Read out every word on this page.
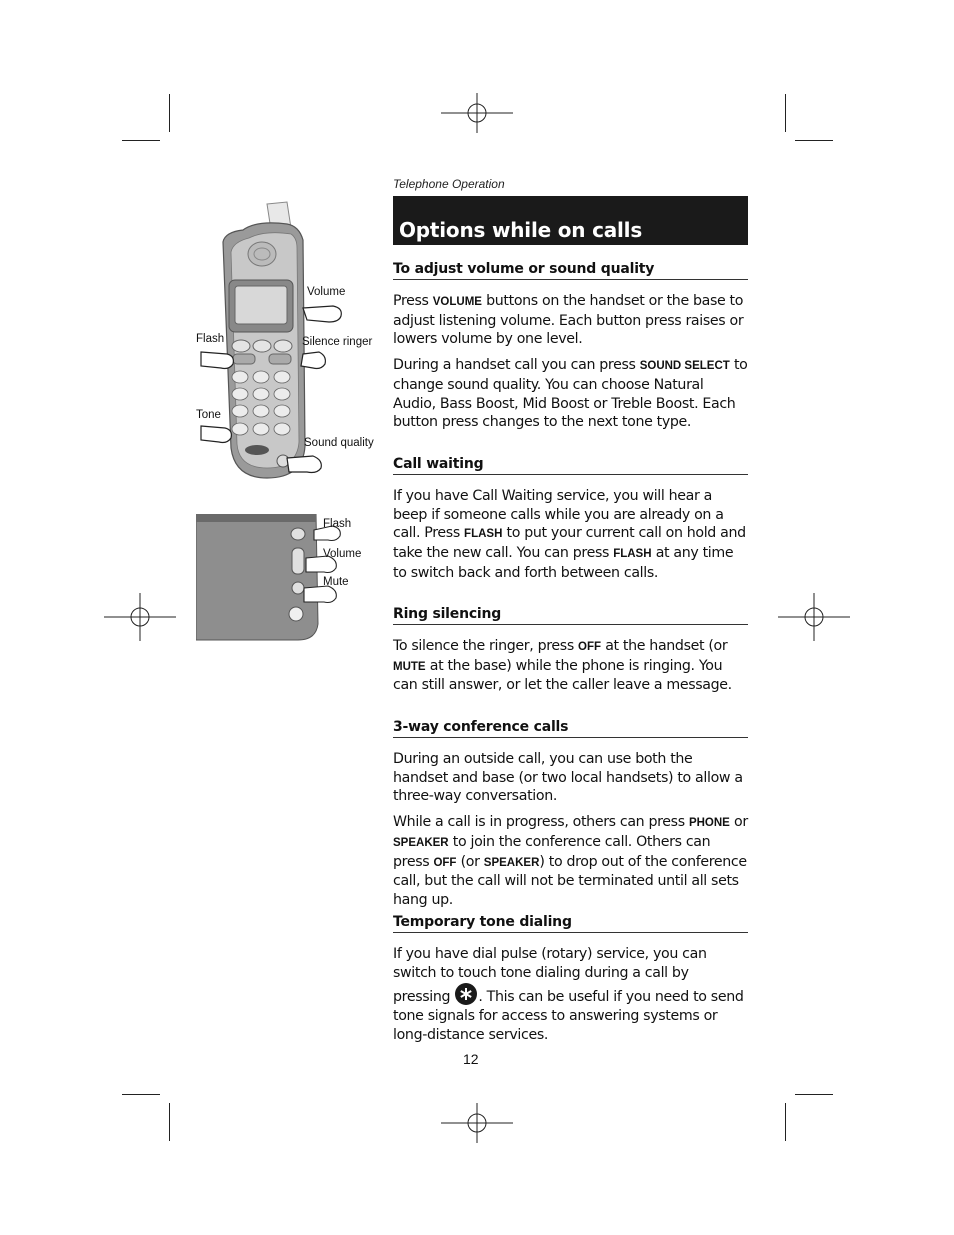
Telephone Operation
Options while on calls
Volume
Flash	Silence ringer
Tone
Sound quality
Flash
Volume
Mute
To adjust volume or sound quality

Press VOLUME buttons on the handset or the base to adjust listening volume. Each button press raises or lowers volume by one level.

During a handset call you can press SOUND SELECT to change sound quality. You can choose Natural Audio, Bass Boost, Mid Boost or Treble Boost. Each button press changes to the next tone type.

Call waiting

If you have Call Waiting service, you will hear a beep if someone calls while you are already on a call. Press FLASH to put your current call on hold and take the new call. You can press FLASH at any time to switch back and forth between calls.

Ring silencing

To silence the ringer, press OFF at the handset (or MUTE at the base) while the phone is ringing. You can still answer, or let the caller leave a message.

3-way conference calls

During an outside call, you can use both the handset and base (or two local handsets) to allow a three-way conversation.

While a call is in progress, others can press PHONE or SPEAKER to join the conference call. Others can press OFF (or SPEAKER) to drop out of the conference call, but the call will not be terminated until all sets hang up.

Temporary tone dialing

If you have dial pulse (rotary) service, you can switch to touch tone dialing during a call by pressing . This can be useful if you need to send tone signals for access to answering systems or long-distance services.

12
